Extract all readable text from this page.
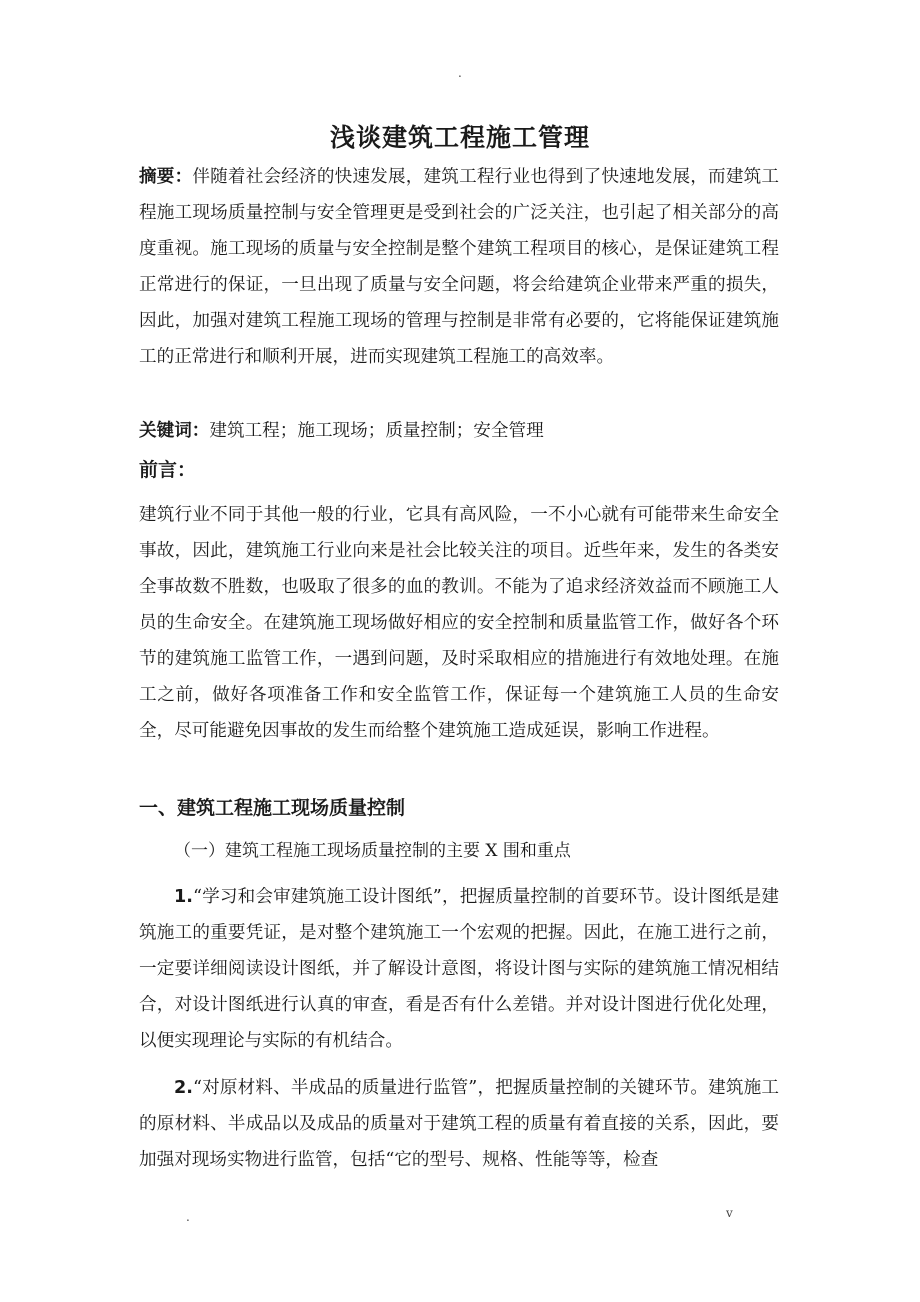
.
浅谈建筑工程施工管理

摘要：伴随着社会经济的快速发展，建筑工程行业也得到了快速地发展，而建筑工程施工现场质量控制与安全管理更是受到社会的广泛关注，也引起了相关部分的高度重视。施工现场的质量与安全控制是整个建筑工程项目的核心，是保证建筑工程正常进行的保证，一旦出现了质量与安全问题，将会给建筑企业带来严重的损失，因此，加强对建筑工程施工现场的管理与控制是非常有必要的，它将能保证建筑施工的正常进行和顺利开展，进而实现建筑工程施工的高效率。

关键词：建筑工程；施工现场；质量控制；安全管理

前言：

建筑行业不同于其他一般的行业，它具有高风险，一不小心就有可能带来生命安全事故，因此，建筑施工行业向来是社会比较关注的项目。近些年来，发生的各类安全事故数不胜数，也吸取了很多的血的教训。不能为了追求经济效益而不顾施工人员的生命安全。在建筑施工现场做好相应的安全控制和质量监管工作，做好各个环节的建筑施工监管工作，一遇到问题，及时采取相应的措施进行有效地处理。在施工之前，做好各项准备工作和安全监管工作，保证每一个建筑施工人员的生命安全，尽可能避免因事故的发生而给整个建筑施工造成延误，影响工作进程。

一、建筑工程施工现场质量控制
（一）建筑工程施工现场质量控制的主要 X 围和重点

1.“学习和会审建筑施工设计图纸”，把握质量控制的首要环节。设计图纸是建筑施工的重要凭证，是对整个建筑施工一个宏观的把握。因此，在施工进行之前，一定要详细阅读设计图纸，并了解设计意图，将设计图与实际的建筑施工情况相结合，对设计图纸进行认真的审查，看是否有什么差错。并对设计图进行优化处理，以便实现理论与实际的有机结合。

2.“对原材料、半成品的质量进行监管”，把握质量控制的关键环节。建筑施工的原材料、半成品以及成品的质量对于建筑工程的质量有着直接的关系，因此，要加强对现场实物进行监管，包括“它的型号、规格、性能等等，检查

.	v
